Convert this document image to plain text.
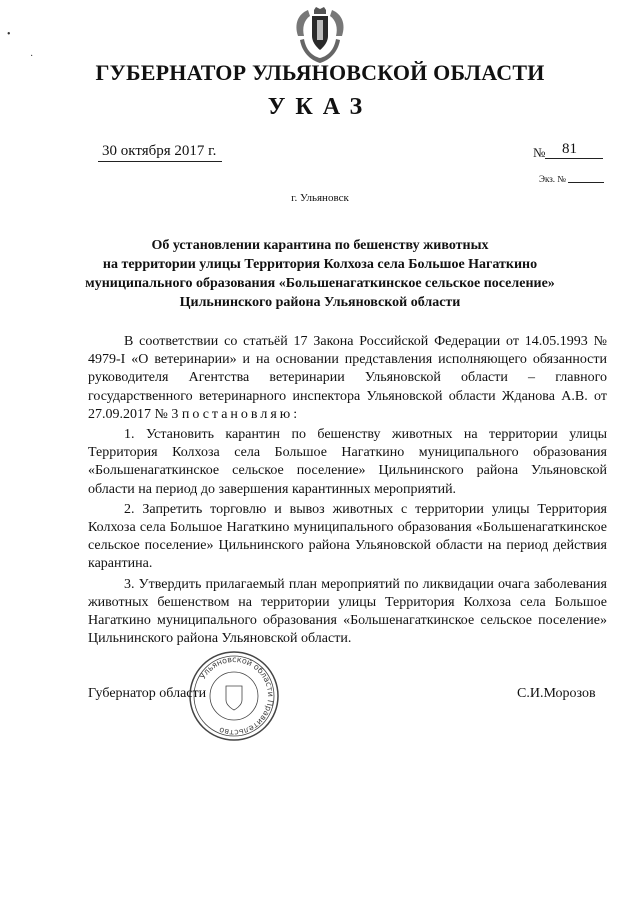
•
·
ГУБЕРНАТОР УЛЬЯНОВСКОЙ ОБЛАСТИ
УКАЗ
30 октября 2017 г.	№ 81
Экз. №
г. Ульяновск
Об установлении карантина по бешенству животных
на территории улицы Территория Колхоза села Большое Нагаткино
муниципального образования «Большенагаткинское сельское поселение»
Цильнинского района Ульяновской области

В соответствии со статьёй 17 Закона Российской Федерации от 14.05.1993 № 4979-I «О ветеринарии» и на основании представления исполняющего обязанности руководителя Агентства ветеринарии Ульяновской области – главного государственного ветеринарного инспектора Ульяновской области Жданова А.В. от 27.09.2017 № 3 постановляю:

1. Установить карантин по бешенству животных на территории улицы Территория Колхоза села Большое Нагаткино муниципального образования «Большенагаткинское сельское поселение» Цильнинского района Ульяновской области на период до завершения карантинных мероприятий.

2. Запретить торговлю и вывоз животных с территории улицы Территория Колхоза села Большое Нагаткино муниципального образования «Большенагаткинское сельское поселение» Цильнинского района Ульяновской области на период действия карантина.

3. Утвердить прилагаемый план мероприятий по ликвидации очага заболевания животных бешенством на территории улицы Территория Колхоза села Большое Нагаткино муниципального образования «Большенагаткинское сельское поселение» Цильнинского района Ульяновской области.

Ульяновской области Правительство
Губернатор области	С.И.Морозов
